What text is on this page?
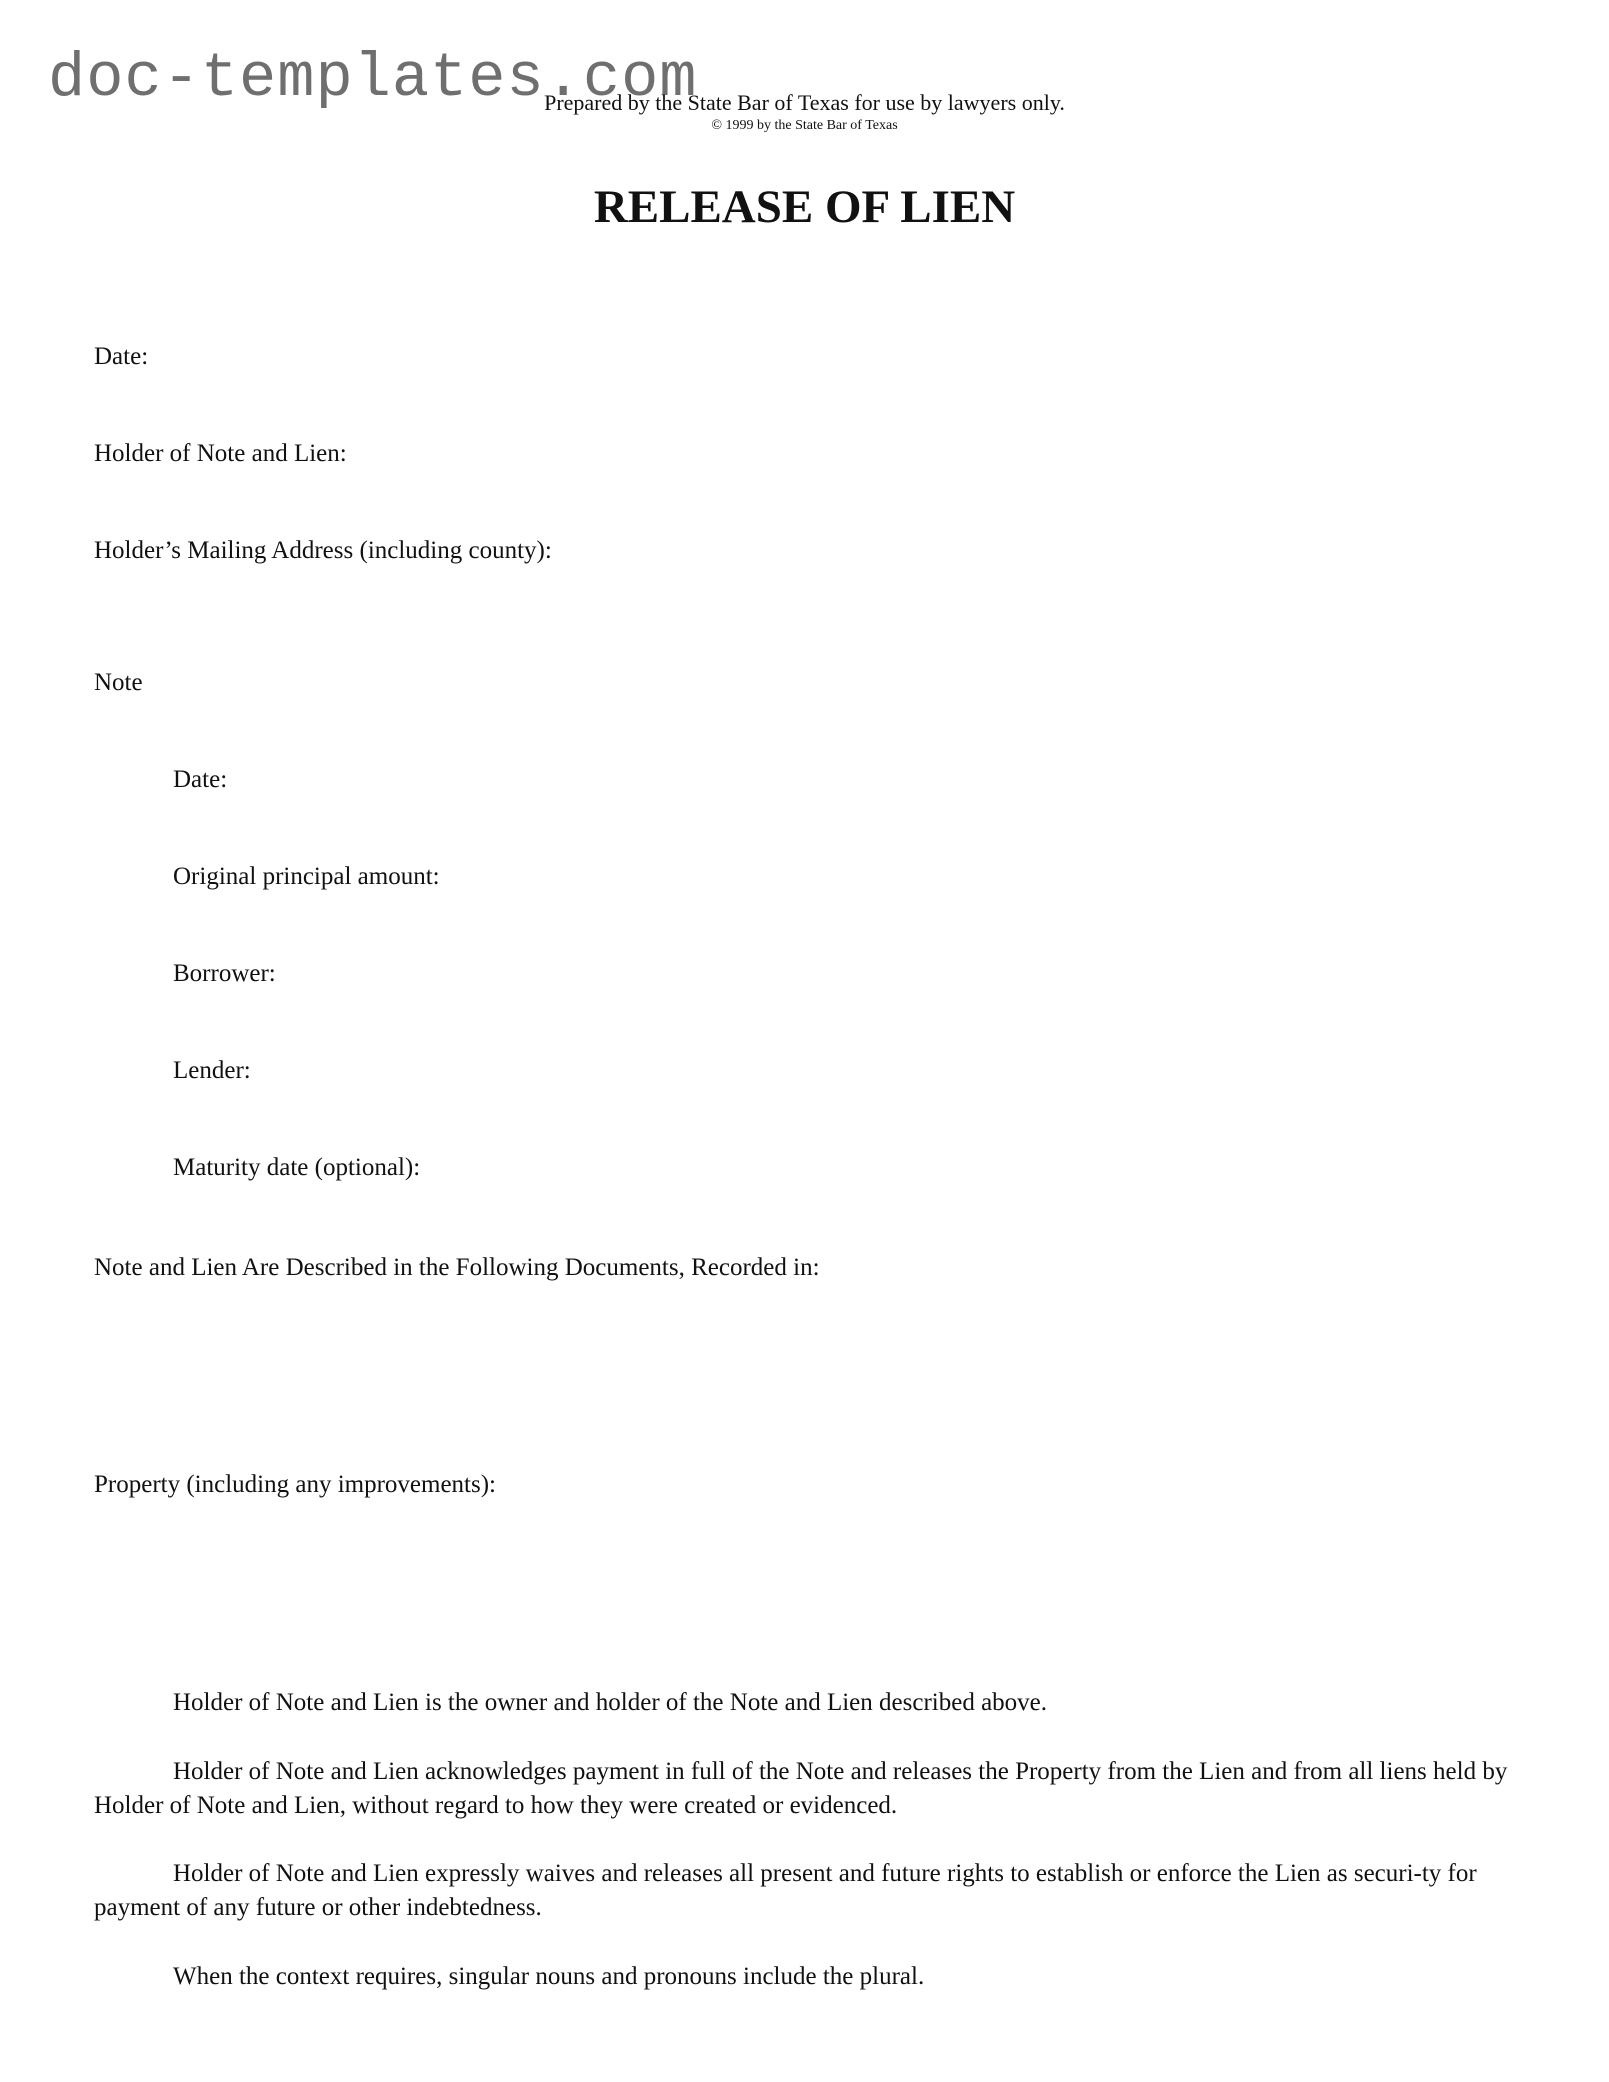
doc-templates.com
Prepared by the State Bar of Texas for use by lawyers only.
© 1999 by the State Bar of Texas
RELEASE OF LIEN
Date:
Holder of Note and Lien:
Holder’s Mailing Address (including county):
Note
Date:
Original principal amount:
Borrower:
Lender:
Maturity date (optional):
Note and Lien Are Described in the Following Documents, Recorded in:
Property (including any improvements):
Holder of Note and Lien is the owner and holder of the Note and Lien described above.
Holder of Note and Lien acknowledges payment in full of the Note and releases the Property from the Lien and from all liens held by Holder of Note and Lien, without regard to how they were created or evidenced.
Holder of Note and Lien expressly waives and releases all present and future rights to establish or enforce the Lien as securi-ty for payment of any future or other indebtedness.
When the context requires, singular nouns and pronouns include the plural.
